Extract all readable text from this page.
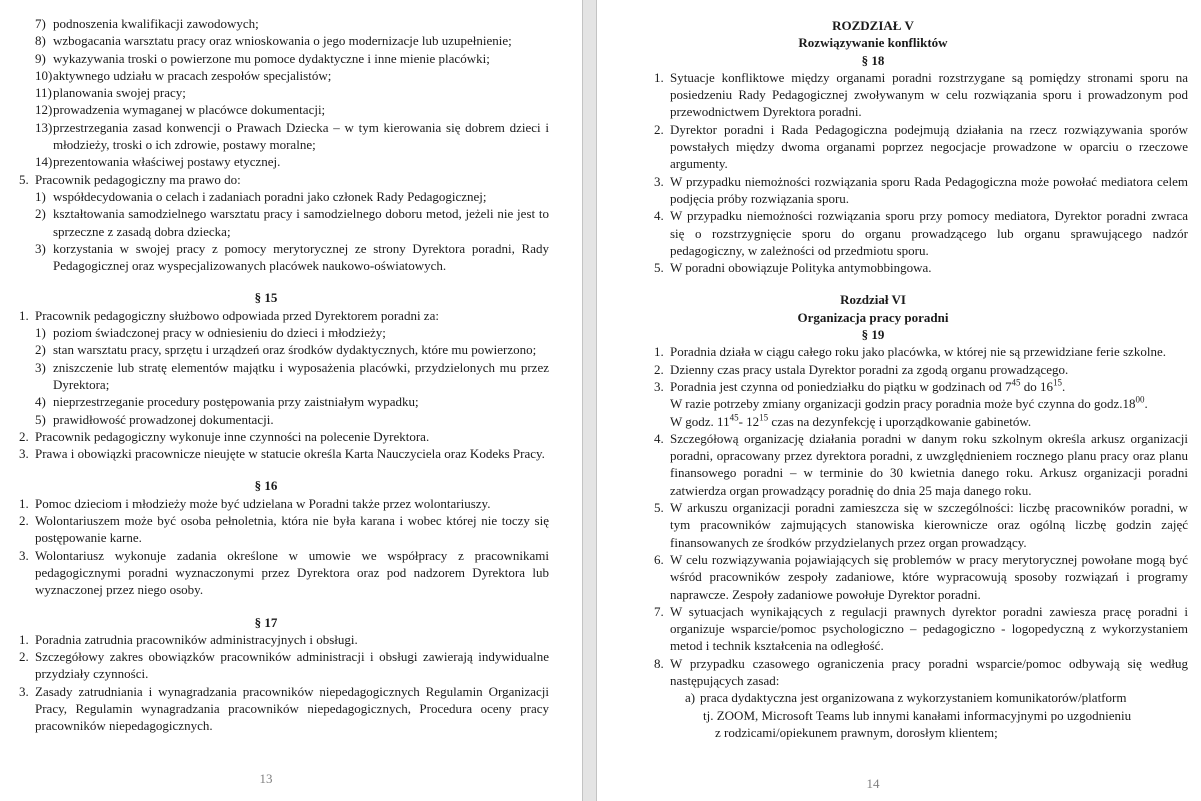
7) podnoszenia kwalifikacji zawodowych;
8) wzbogacania warsztatu pracy oraz wnioskowania o jego modernizacje lub uzupełnienie;
9) wykazywania troski o powierzone mu pomoce dydaktyczne i inne mienie placówki;
10) aktywnego udziału w pracach zespołów specjalistów;
11) planowania swojej pracy;
12) prowadzenia wymaganej w placówce dokumentacji;
13) przestrzegania zasad konwencji o Prawach Dziecka – w tym kierowania się dobrem dzieci i młodzieży, troski o ich zdrowie, postawy moralne;
14) prezentowania właściwej postawy etycznej.
5. Pracownik pedagogiczny ma prawo do:
1) współdecydowania o celach i zadaniach poradni jako członek Rady Pedagogicznej;
2) kształtowania samodzielnego warsztatu pracy i samodzielnego doboru metod, jeżeli nie jest to sprzeczne z zasadą dobra dziecka;
3) korzystania w swojej pracy z pomocy merytorycznej ze strony Dyrektora poradni, Rady Pedagogicznej oraz wyspecjalizowanych placówek naukowo-oświatowych.
§ 15
1. Pracownik pedagogiczny służbowo odpowiada przed Dyrektorem poradni za:
1) poziom świadczonej pracy w odniesieniu do dzieci i młodzieży;
2) stan warsztatu pracy, sprzętu i urządzeń oraz środków dydaktycznych, które mu powierzono;
3) zniszczenie lub stratę elementów majątku i wyposażenia placówki, przydzielonych mu przez Dyrektora;
4) nieprzestrzeganie procedury postępowania przy zaistniałym wypadku;
5) prawidłowość prowadzonej dokumentacji.
2. Pracownik pedagogiczny wykonuje inne czynności na polecenie Dyrektora.
3. Prawa i obowiązki pracownicze nieujęte w statucie określa Karta Nauczyciela oraz Kodeks Pracy.
§ 16
1. Pomoc dzieciom i młodzieży może być udzielana w Poradni także przez wolontariuszy.
2. Wolontariuszem może być osoba pełnoletnia, która nie była karana i wobec której nie toczy się postępowanie karne.
3. Wolontariusz wykonuje zadania określone w umowie we współpracy z pracownikami pedagogicznymi poradni wyznaczonymi przez Dyrektora oraz pod nadzorem Dyrektora lub wyznaczonej przez niego osoby.
§ 17
1. Poradnia zatrudnia pracowników administracyjnych i obsługi.
2. Szczegółowy zakres obowiązków pracowników administracji i obsługi zawierają indywidualne przydziały czynności.
3. Zasady zatrudniania i wynagradzania pracowników niepedagogicznych Regulamin Organizacji Pracy, Regulamin wynagradzania pracowników niepedagogicznych, Procedura oceny pracy pracowników niepedagogicznych.
13
ROZDZIAŁ V
Rozwiązywanie konfliktów
§ 18
1. Sytuacje konfliktowe między organami poradni rozstrzygane są pomiędzy stronami sporu na posiedzeniu Rady Pedagogicznej zwoływanym w celu rozwiązania sporu i prowadzonym pod przewodnictwem Dyrektora poradni.
2. Dyrektor poradni i Rada Pedagogiczna podejmują działania na rzecz rozwiązywania sporów powstałych między dwoma organami poprzez negocjacje prowadzone w oparciu o rzeczowe argumenty.
3. W przypadku niemożności rozwiązania sporu Rada Pedagogiczna może powołać mediatora celem podjęcia próby rozwiązania sporu.
4. W przypadku niemożności rozwiązania sporu przy pomocy mediatora, Dyrektor poradni zwraca się o rozstrzygnięcie sporu do organu prowadzącego lub organu sprawującego nadzór pedagogiczny, w zależności od przedmiotu sporu.
5. W poradni obowiązuje Polityka antymobbingowa.
Rozdział VI
Organizacja pracy poradni
§ 19
1. Poradnia działa w ciągu całego roku jako placówka, w której nie są przewidziane ferie szkolne.
2. Dzienny czas pracy ustala Dyrektor poradni za zgodą organu prowadzącego.
3. Poradnia jest czynna od poniedziałku do piątku w godzinach od $7^{45}$ do $16^{15}$.
W razie potrzeby zmiany organizacji godzin pracy poradnia może być czynna do $godz.18^{00}$.
W godz. $11^{45}-$ $12^{15}$ czas na dezynfekcję i uporządkowanie gabinetów.
4. Szczegółową organizację działania poradni w danym roku szkolnym określa arkusz organizacji poradni, opracowany przez dyrektora poradni, z uwzględnieniem rocznego planu pracy oraz planu finansowego poradni – w terminie do 30 kwietnia danego roku. Arkusz organizacji poradni zatwierdza organ prowadzący poradnię do dnia 25 maja danego roku.
5. W arkuszu organizacji poradni zamieszcza się w szczególności: liczbę pracowników poradni, w tym pracowników zajmujących stanowiska kierownicze oraz ogólną liczbę godzin zajęć finansowanych ze środków przydzielanych przez organ prowadzący.
6. W celu rozwiązywania pojawiających się problemów w pracy merytorycznej powołane mogą być wśród pracowników zespoły zadaniowe, które wypracowują sposoby rozwiązań i programy naprawcze. Zespoły zadaniowe powołuje Dyrektor poradni.
7. W sytuacjach wynikających z regulacji prawnych dyrektor poradni zawiesza pracę poradni i organizuje wsparcie/pomoc psychologiczno – pedagogiczno - logopedyczną z wykorzystaniem metod i technik kształcenia na odległość.
8. W przypadku czasowego ograniczenia pracy poradni wsparcie/pomoc odbywają się według następujących zasad:
a) praca dydaktyczna jest organizowana z wykorzystaniem komunikatorów/platform
tj. ZOOM, Microsoft Teams lub innymi kanałami informacyjnymi po uzgodnieniu
z rodzicami/opiekunem prawnym, dorosłym klientem;
14
